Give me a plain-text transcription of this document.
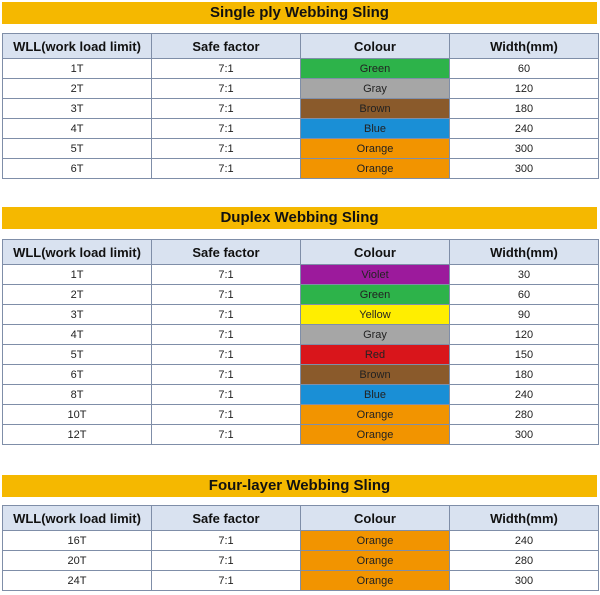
Single ply Webbing Sling
WLL(work load limit)	Safe factor	Colour	Width(mm)
1T	7:1	Green	60
2T	7:1	Gray	120
3T	7:1	Brown	180
4T	7:1	Blue	240
5T	7:1	Orange	300
6T	7:1	Orange	300
Duplex Webbing Sling
WLL(work load limit)	Safe factor	Colour	Width(mm)
1T	7:1	Violet	30
2T	7:1	Green	60
3T	7:1	Yellow	90
4T	7:1	Gray	120
5T	7:1	Red	150
6T	7:1	Brown	180
8T	7:1	Blue	240
10T	7:1	Orange	280
12T	7:1	Orange	300
Four-layer Webbing Sling
WLL(work load limit)	Safe factor	Colour	Width(mm)
16T	7:1	Orange	240
20T	7:1	Orange	280
24T	7:1	Orange	300
